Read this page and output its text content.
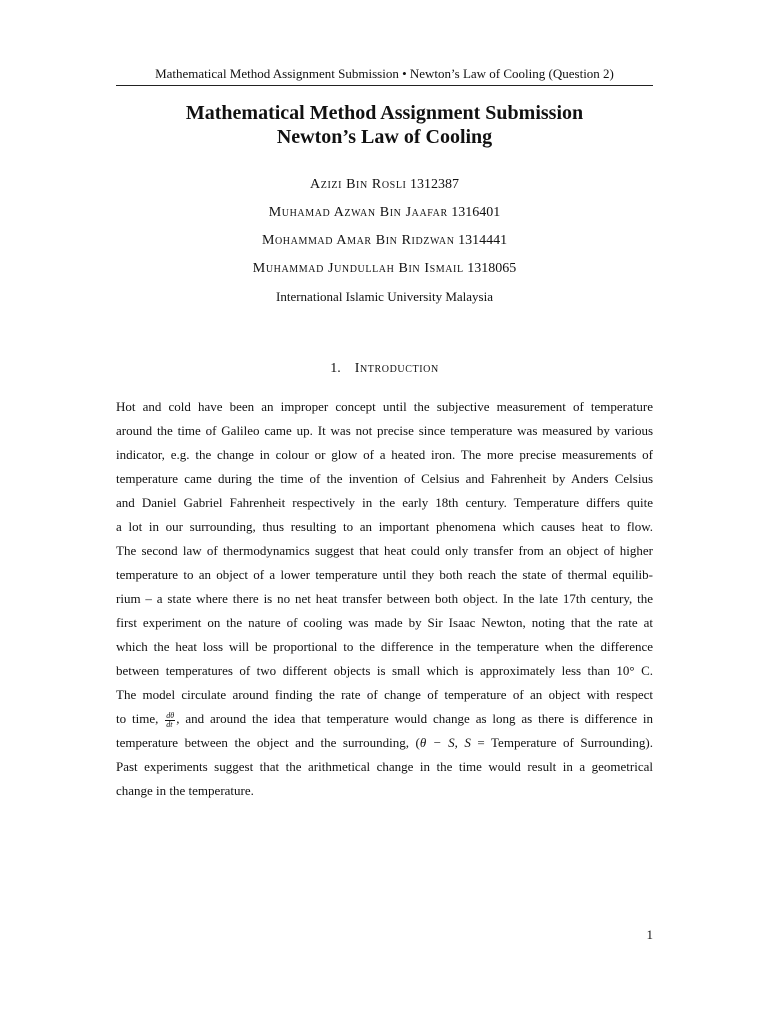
Mathematical Method Assignment Submission • Newton’s Law of Cooling (Question 2)
Mathematical Method Assignment Submission
Newton’s Law of Cooling
Azizi Bin Rosli 1312387
Muhamad Azwan Bin Jaafar 1316401
Mohammad Amar Bin Ridzwan 1314441
Muhammad Jundullah Bin Ismail 1318065
International Islamic University Malaysia
1. Introduction
Hot and cold have been an improper concept until the subjective measurement of temperature
around the time of Galileo came up. It was not precise since temperature was measured by various
indicator, e.g. the change in colour or glow of a heated iron. The more precise measurements of
temperature came during the time of the invention of Celsius and Fahrenheit by Anders Celsius
and Daniel Gabriel Fahrenheit respectively in the early 18th century. Temperature differs quite
a lot in our surrounding, thus resulting to an important phenomena which causes heat to flow.
The second law of thermodynamics suggest that heat could only transfer from an object of higher
temperature to an object of a lower temperature until they both reach the state of thermal equilib-
rium – a state where there is no net heat transfer between both object. In the late 17th century, the
first experiment on the nature of cooling was made by Sir Isaac Newton, noting that the rate at
which the heat loss will be proportional to the difference in the temperature when the difference
between temperatures of two different objects is small which is approximately less than 10° C.
The model circulate around finding the rate of change of temperature of an object with respect
to time, $\frac{d\theta}{dt}$ , and around the idea that temperature would change as long as there is difference in
temperature between the object and the surrounding, (θ − S, S = Temperature of Surrounding).
Past experiments suggest that the arithmetical change in the time would result in a geometrical
change in the temperature.
1
